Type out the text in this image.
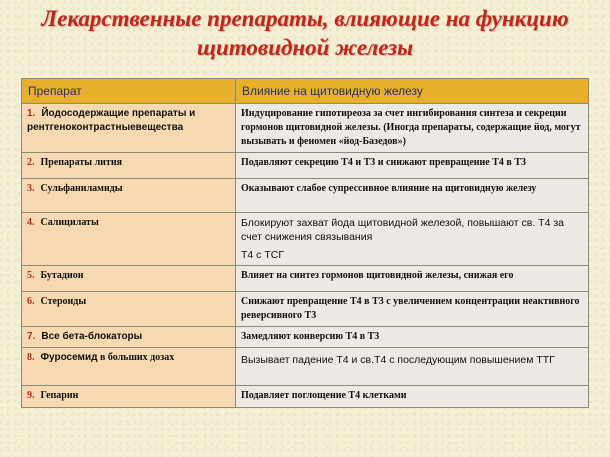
Лекарственные препараты, влияющие на функцию
щитовидной железы
Препарат	Влияние на щитовидную железу
1. Йодосодержащие препараты и рентгеноконтрастныевещества	Индуцирование гипотиреоза за счет ингибирования синтеза и секреции гормонов щитовидной железы. (Иногда препараты, содержащие йод, могут вызывать и феномен «йод-Базедов»)
2. Препараты лития	Подавляют секрецию Т4 и Т3 и снижают превращение Т4 в Т3
3. Сульфаниламиды	Оказывают слабое супрессивное влияние на щитовидную железу
4. Салицилаты	Блокируют захват йода щитовидной железой, повышают св. Т4 за счет снижения связывания
Т4 с ТСГ

5. Бутадион	Влияет на синтез гормонов щитовидной железы, снижая его
6. Стероиды	Снижают превращение Т4 в Т3 с увеличением концентрации неактивного реверсивного Т3
7. Все бета-блокаторы	Замедляют конверсию Т4 в Т3
8. Фуросемид в больших дозах	Вызывает падение Т4 и св.Т4 с последующим повышением ТТГ
9. Гепарин	Подавляет поглощение Т4 клетками
